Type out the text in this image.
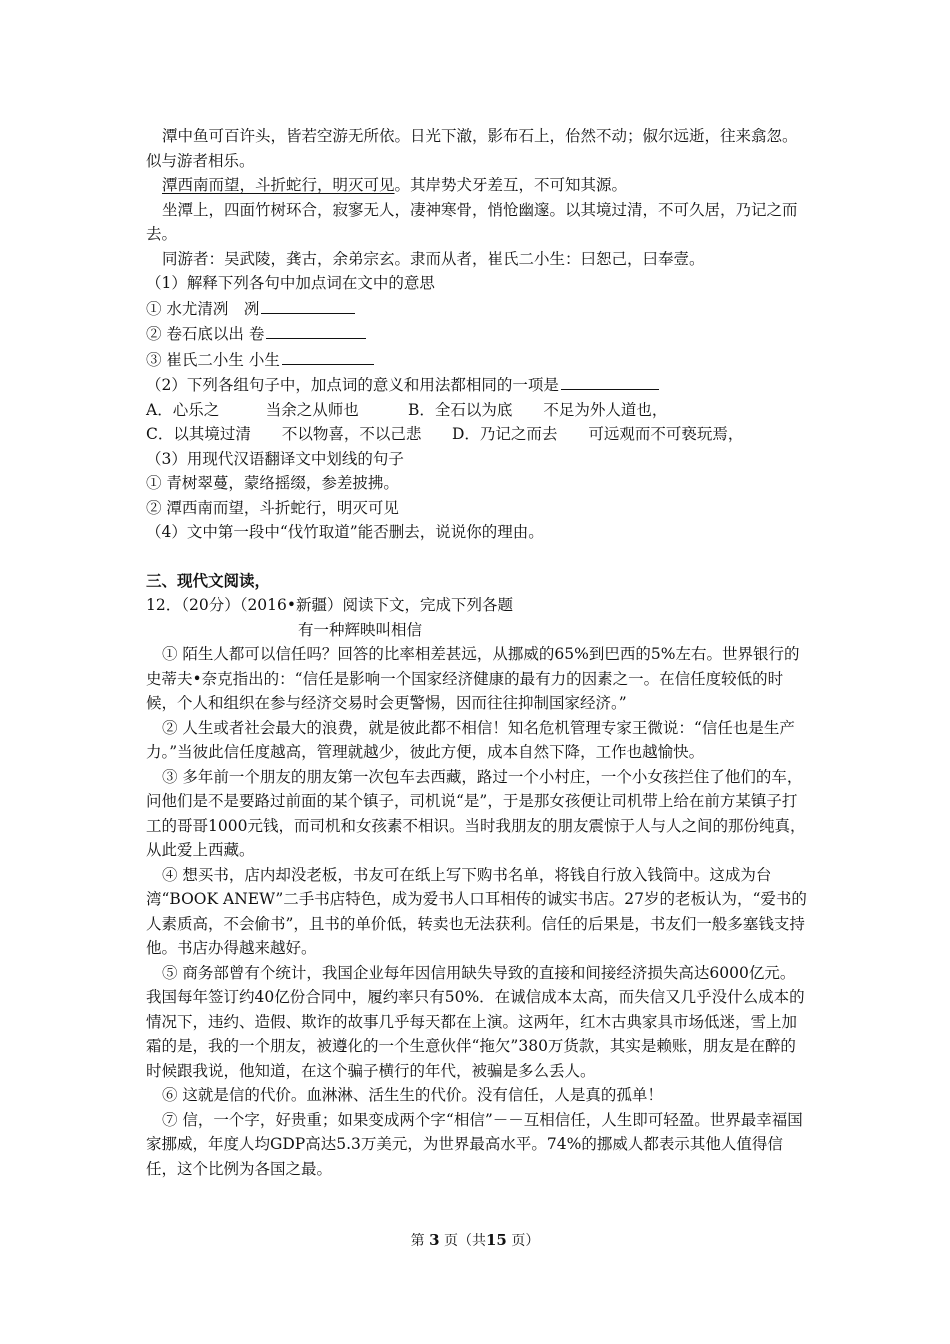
潭中鱼可百许头，皆若空游无所依。日光下澈，影布石上，佁然不动；俶尔远逝，往来翕忽。似与游者相乐。

潭西南而望，斗折蛇行，明灭可见。其岸势犬牙差互，不可知其源。

坐潭上，四面竹树环合，寂寥无人，凄神寒骨，悄怆幽邃。以其境过清，不可久居，乃记之而去。

同游者：吴武陵，龚古，余弟宗玄。隶而从者，崔氏二小生：曰恕己，曰奉壹。

（1）解释下列各句中加点词在文中的意思

① 水尤清冽　冽

② 卷石底以出 卷

③ 崔氏二小生 小生

（2）下列各组句子中，加点词的意义和用法都相同的一项是

A．心乐之　　　当余之从师也	B．全石以为底　　不足为外人道也，
C．以其境过清　　不以物喜，不以己悲	D．乃记之而去　　可远观而不可亵玩焉，

（3）用现代汉语翻译文中划线的句子

① 青树翠蔓，蒙络摇缀，参差披拂。

② 潭西南而望，斗折蛇行，明灭可见

（4）文中第一段中“伐竹取道”能否删去，说说你的理由。

三、现代文阅读，

12．（20分）（2016•新疆）阅读下文，完成下列各题

有一种辉映叫相信

① 陌生人都可以信任吗？回答的比率相差甚远，从挪威的65%到巴西的5%左右。世界银行的史蒂夫•奈克指出的：“信任是影响一个国家经济健康的最有力的因素之一。在信任度较低的时候，个人和组织在参与经济交易时会更警惕，因而往往抑制国家经济。”

② 人生或者社会最大的浪费，就是彼此都不相信！知名危机管理专家王微说：“信任也是生产力。”当彼此信任度越高，管理就越少，彼此方便，成本自然下降，工作也越愉快。

③ 多年前一个朋友的朋友第一次包车去西藏，路过一个小村庄，一个小女孩拦住了他们的车，问他们是不是要路过前面的某个镇子，司机说“是”，于是那女孩便让司机带上给在前方某镇子打工的哥哥1000元钱，而司机和女孩素不相识。当时我朋友的朋友震惊于人与人之间的那份纯真，从此爱上西藏。

④ 想买书，店内却没老板，书友可在纸上写下购书名单，将钱自行放入钱筒中。这成为台湾“BOOK ANEW”二手书店特色，成为爱书人口耳相传的诚实书店。27岁的老板认为，“爱书的人素质高，不会偷书”，且书的单价低，转卖也无法获利。信任的后果是，书友们一般多塞钱支持他。书店办得越来越好。

⑤ 商务部曾有个统计，我国企业每年因信用缺失导致的直接和间接经济损失高达6000亿元。我国每年签订约40亿份合同中，履约率只有50%．在诚信成本太高，而失信又几乎没什么成本的情况下，违约、造假、欺诈的故事几乎每天都在上演。这两年，红木古典家具市场低迷，雪上加霜的是，我的一个朋友，被遵化的一个生意伙伴“拖欠”380万货款，其实是赖账，朋友是在醉的时候跟我说，他知道，在这个骗子横行的年代，被骗是多么丢人。

⑥ 这就是信的代价。血淋淋、活生生的代价。没有信任，人是真的孤单！

⑦ 信，一个字，好贵重；如果变成两个字“相信”－－互相信任，人生即可轻盈。世界最幸福国家挪威，年度人均GDP高达5.3万美元，为世界最高水平。74%的挪威人都表示其他人值得信任，这个比例为各国之最。

第 3 页（共15 页）
